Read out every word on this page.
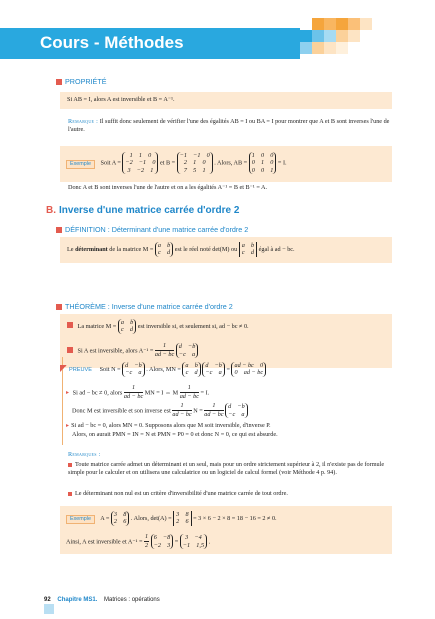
Cours - Méthodes
PROPRIÉTÉ
Si AB = I, alors A est inversible et B = A⁻¹.
Remarque : Il suffit donc seulement de vérifier l'une des égalités AB = I ou BA = I pour montrer que A et B sont inverses l'une de l'autre.
Exemple Soit A =
1 1 0
−2 −1 0
3 −2 1
et B =
−1 −1 0
2 1 0
7 5 1
. Alors, AB =
1 0 0
0 1 0
0 0 1
= I.
Donc A et B sont inverses l'une de l'autre et on a les égalités A⁻¹ = B et B⁻¹ = A.
B. Inverse d'une matrice carrée d'ordre 2
DÉFINITION : Déterminant d'une matrice carrée d'ordre 2
Le déterminant de la matrice M =
a b
c d
est le réel noté det(M) ou
a b
c d
égal à ad − bc.
THÉORÈME : Inverse d'une matrice carrée d'ordre 2
La matrice M =
a b
c d
est inversible si, et seulement si, ad − bc ≠ 0.
Si A est inversible, alors $A^{-1} = \frac{1}{ad - bc}$
d −b
−c a
PREUVE Soit N =
d −b
−c a
. Alors, MN =
a b
c d

d −b
−c a
=
ad − bc 0
0 ad − bc
▸ Si ad − bc ≠ 0, alors $\frac{1}{ad - bc}$ MN = I ⇔ M $\frac{1}{ad - bc} = I$.
Donc M est inversible et son inverse est $\frac{1}{ad - bc}$ $N = \frac{1}{ad - bc}$
d −b
−c a
▸ Si ad − bc = 0, alors MN = 0. Supposons alors que M soit inversible, d'inverse P.
Alors, on aurait PMN = IN = N et PMN = P0 = 0 et donc N = 0, ce qui est absurde.
Remarques :
Toute matrice carrée admet un déterminant et un seul, mais pour un ordre strictement supérieur à 2, il n'existe pas de formule simple pour le calculer et on utilisera une calculatrice ou un logiciel de calcul formel (voir Méthode 4 p. 94).
Le déterminant non nul est un critère d'inversibilité d'une matrice carrée de tout ordre.
Exemple A =
3 8
2 6
. Alors, det(A) =
3 8
2 6
= 3 × 6 − 2 × 8 = 18 − 16 = 2 ≠ 0.
Ainsi, A est inversible et $A^{-1} = \frac{1}{2}$
6 −8
−2 3
=
3 −4
−1 1,5
.
92 Chapitre MS1. Matrices : opérations
